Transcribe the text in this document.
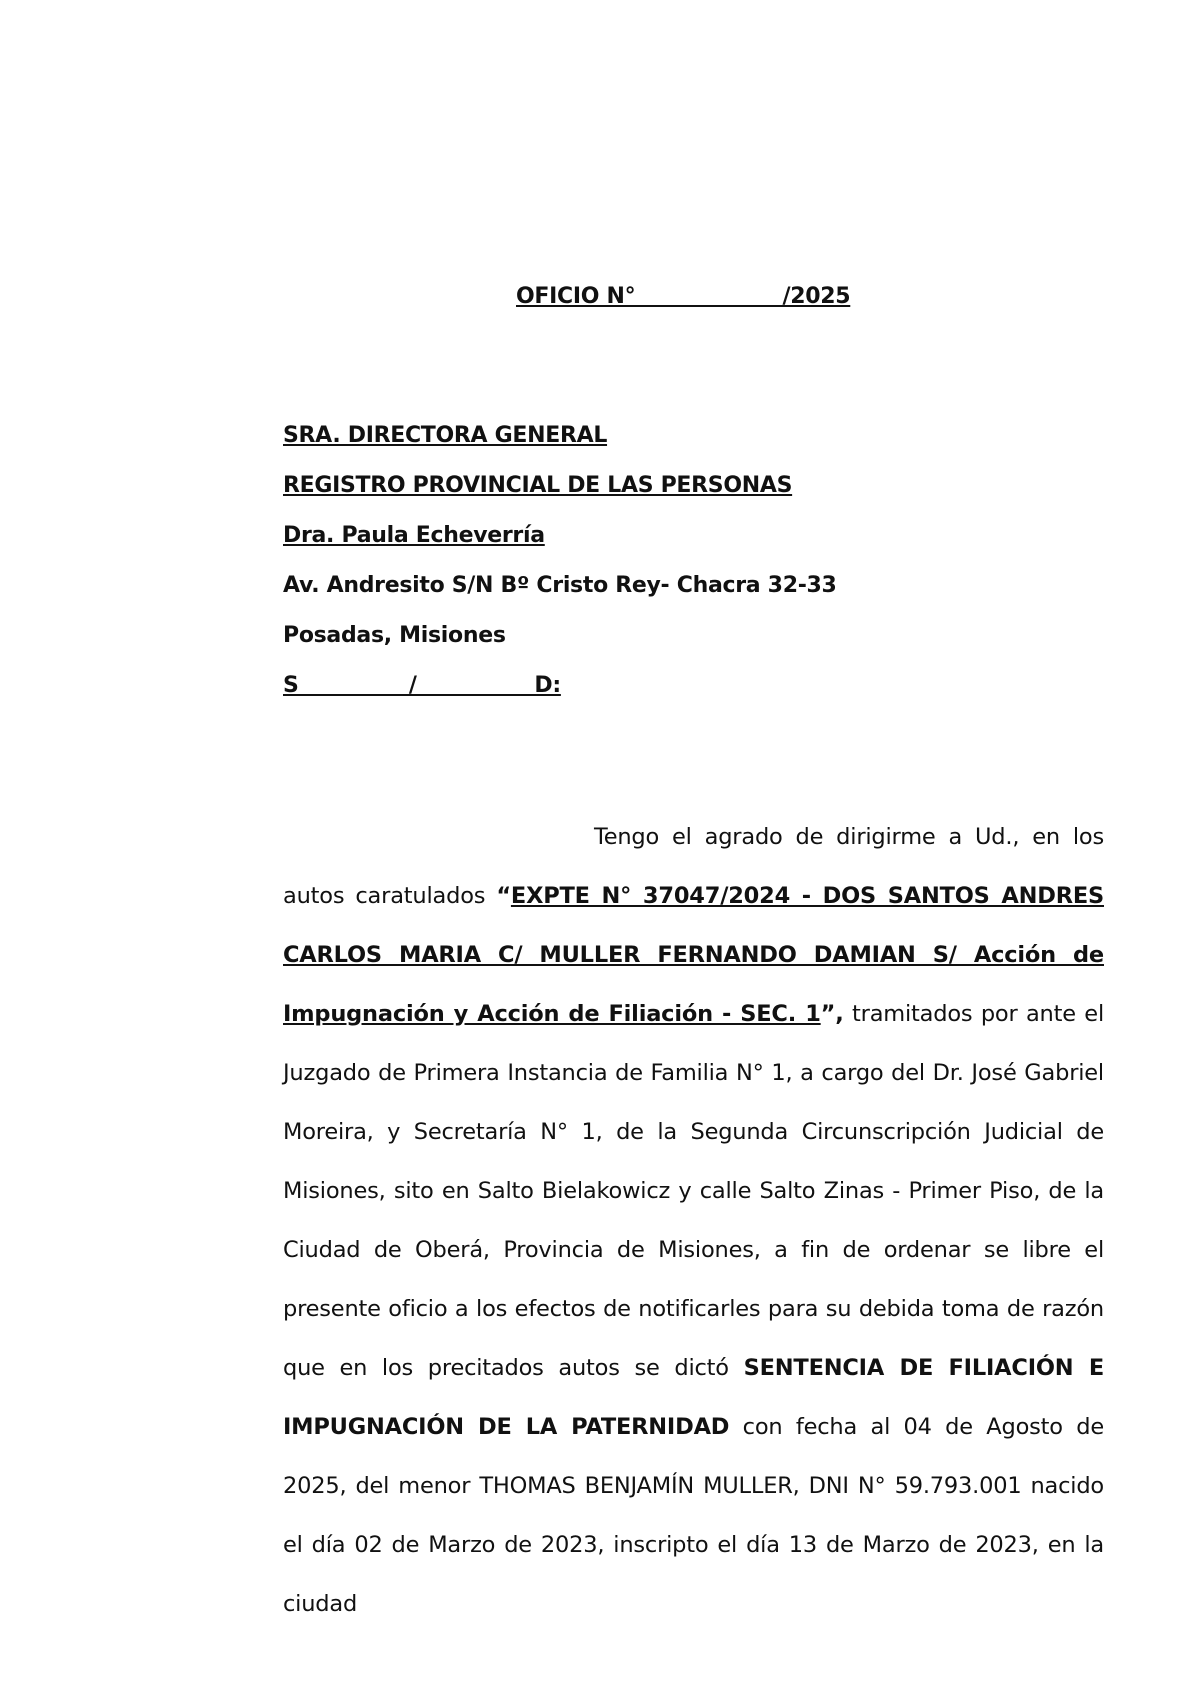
OFICIO N°                    /2025
SRA. DIRECTORA GENERAL
REGISTRO PROVINCIAL DE LAS PERSONAS
Dra. Paula Echeverría
Av. Andresito S/N Bº Cristo Rey- Chacra 32-33
Posadas, Misiones
S               /                D:
Tengo el agrado de dirigirme a Ud., en los autos caratulados “EXPTE N° 37047/2024 - DOS SANTOS ANDRES CARLOS MARIA C/ MULLER FERNANDO DAMIAN S/ Acción de Impugnación y Acción de Filiación - SEC. 1”, tramitados por ante el Juzgado de Primera Instancia de Familia N° 1, a cargo del Dr. José Gabriel Moreira, y Secretaría N° 1, de la Segunda Circunscripción Judicial de Misiones, sito en Salto Bielakowicz y calle Salto Zinas - Primer Piso, de la Ciudad de Oberá, Provincia de Misiones, a fin de ordenar se libre el presente oficio a los efectos de notificarles para su debida toma de razón que en los precitados autos se dictó SENTENCIA DE FILIACIÓN E IMPUGNACIÓN DE LA PATERNIDAD con fecha al 04 de Agosto de 2025, del menor THOMAS BENJAMÍN MULLER, DNI N° 59.793.001 nacido el día 02 de Marzo de 2023, inscripto el día 13 de Marzo de 2023, en la ciudad
